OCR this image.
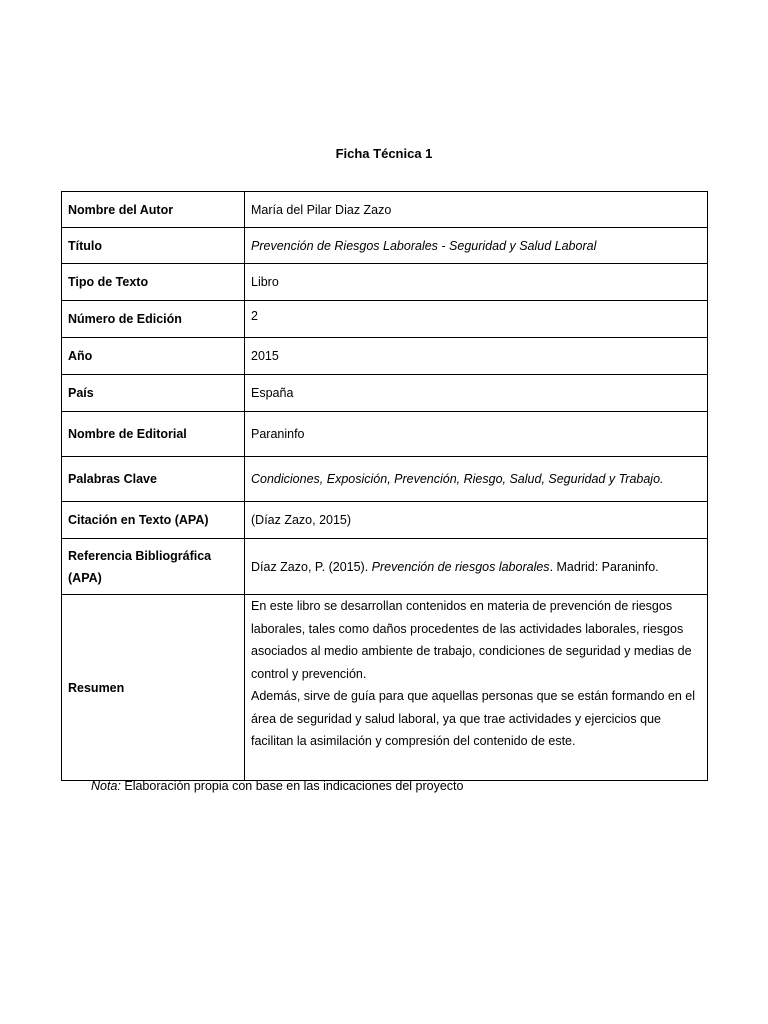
Ficha Técnica 1
Nombre del Autor	María del Pilar Diaz Zazo
Título	Prevención de Riesgos Laborales - Seguridad y Salud Laboral
Tipo de Texto	Libro
Número de Edición	2
Año	2015
País	España
Nombre de Editorial	Paraninfo
Palabras Clave	Condiciones, Exposición, Prevención, Riesgo, Salud, Seguridad y Trabajo.
Citación en Texto (APA)	(Díaz Zazo, 2015)
Referencia Bibliográfica (APA)	Díaz Zazo, P. (2015). Prevención de riesgos laborales. Madrid: Paraninfo.
Resumen	En este libro se desarrollan contenidos en materia de prevención de riesgos laborales, tales como daños procedentes de las actividades laborales, riesgos asociados al medio ambiente de trabajo, condiciones de seguridad y medias de control y prevención.

Además, sirve de guía para que aquellas personas que se están formando en el área de seguridad y salud laboral, ya que trae actividades y ejercicios que facilitan la asimilación y compresión del contenido de este.

Nota: Elaboración propia con base en las indicaciones del proyecto
